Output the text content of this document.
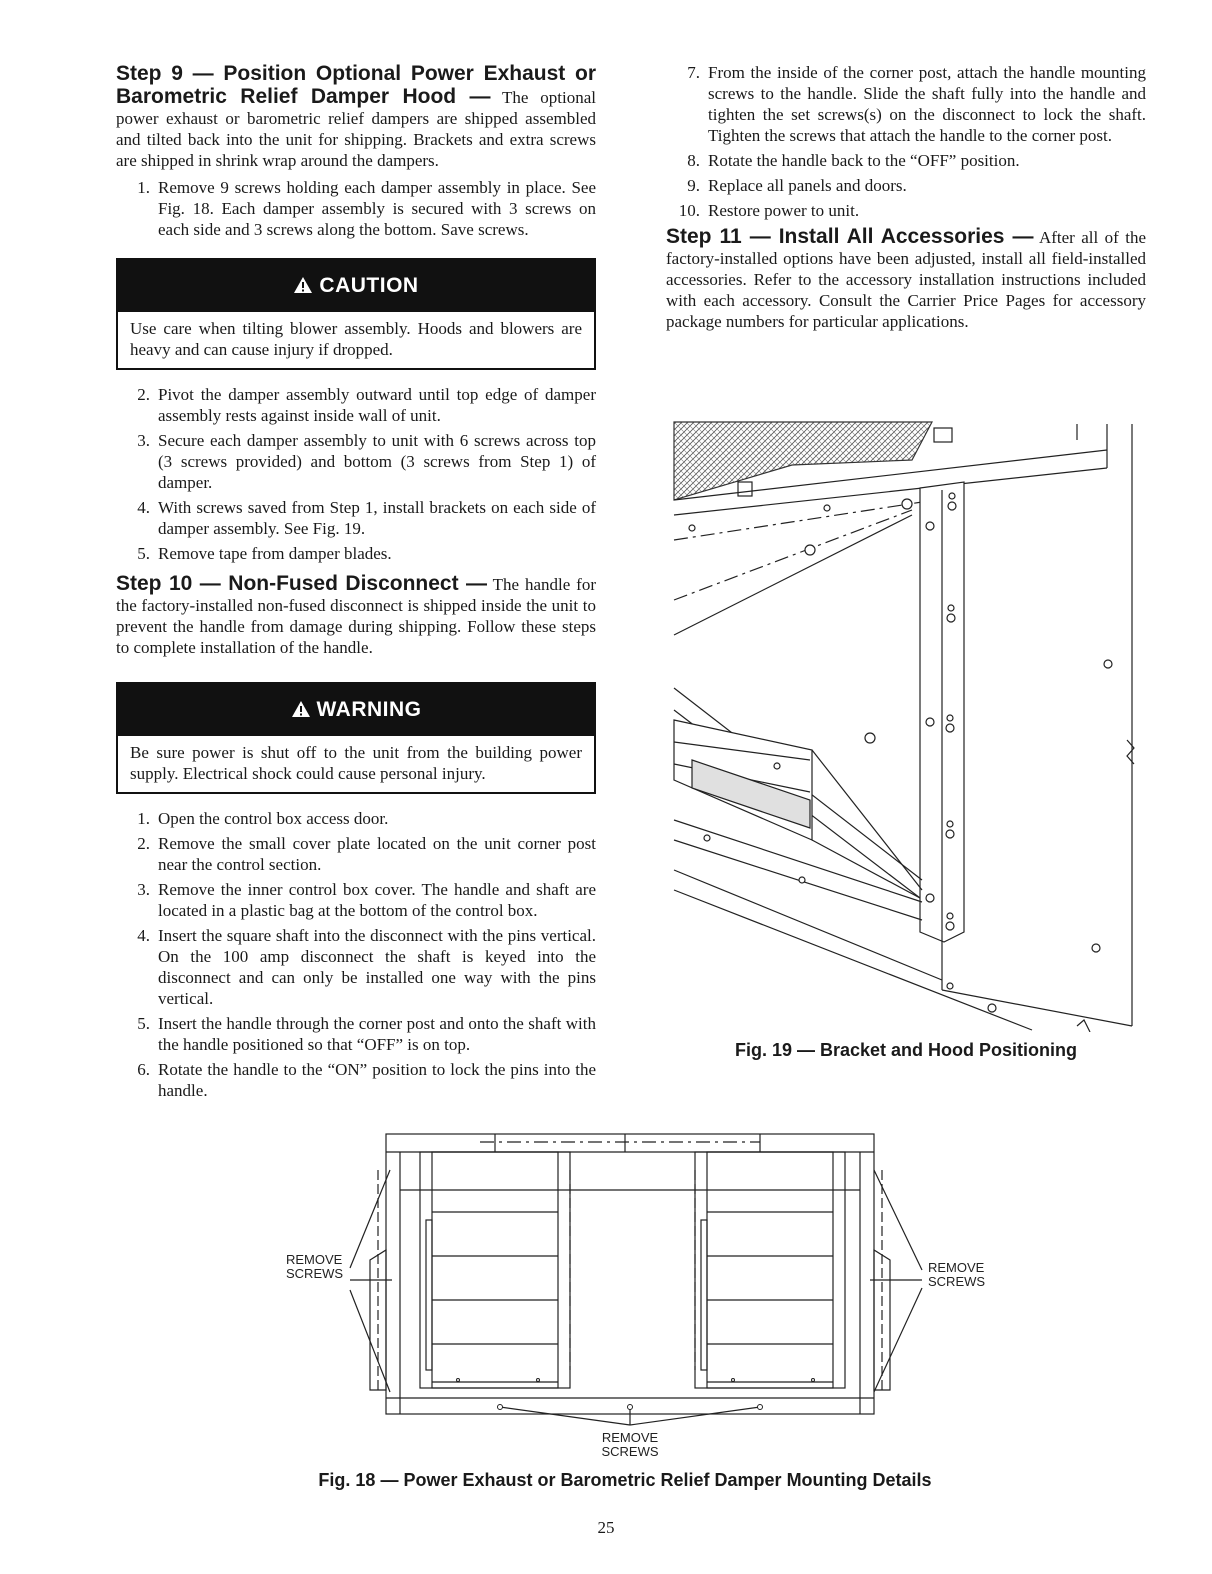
Step 9 — Position Optional Power Exhaust or Barometric Relief Damper Hood — The optional power exhaust or barometric relief dampers are shipped assembled and tilted back into the unit for shipping. Brackets and extra screws are shipped in shrink wrap around the dampers.

1. Remove 9 screws holding each damper assembly in place. See Fig. 18. Each damper assembly is secured with 3 screws on each side and 3 screws along the bottom. Save screws.
CAUTION
Use care when tilting blower assembly. Hoods and blowers are heavy and can cause injury if dropped.
2. Pivot the damper assembly outward until top edge of damper assembly rests against inside wall of unit.
3. Secure each damper assembly to unit with 6 screws across top (3 screws provided) and bottom (3 screws from Step 1) of damper.
4. With screws saved from Step 1, install brackets on each side of damper assembly. See Fig. 19.
5. Remove tape from damper blades.

Step 10 — Non-Fused Disconnect — The handle for the factory-installed non-fused disconnect is shipped inside the unit to prevent the handle from damage during shipping. Follow these steps to complete installation of the handle.

WARNING
Be sure power is shut off to the unit from the building power supply. Electrical shock could cause personal injury.
1. Open the control box access door.
2. Remove the small cover plate located on the unit corner post near the control section.
3. Remove the inner control box cover. The handle and shaft are located in a plastic bag at the bottom of the control box.
4. Insert the square shaft into the disconnect with the pins vertical. On the 100 amp disconnect the shaft is keyed into the disconnect and can only be installed one way with the pins vertical.
5. Insert the handle through the corner post and onto the shaft with the handle positioned so that “OFF” is on top.
6. Rotate the handle to the “ON” position to lock the pins into the handle.
7. From the inside of the corner post, attach the handle mounting screws to the handle. Slide the shaft fully into the handle and tighten the set screws(s) on the disconnect to lock the shaft. Tighten the screws that attach the handle to the corner post.
8. Rotate the handle back to the “OFF” position.
9. Replace all panels and doors.
10. Restore power to unit.

Step 11 — Install All Accessories — After all of the factory-installed options have been adjusted, install all field-installed accessories. Refer to the accessory installation instructions included with each accessory. Consult the Carrier Price Pages for accessory package numbers for particular applications.

Fig. 19 — Bracket and Hood Positioning
REMOVE
SCREWS	REMOVE
SCREWS
REMOVE
SCREWS
Fig. 18 — Power Exhaust or Barometric Relief Damper Mounting Details
25
